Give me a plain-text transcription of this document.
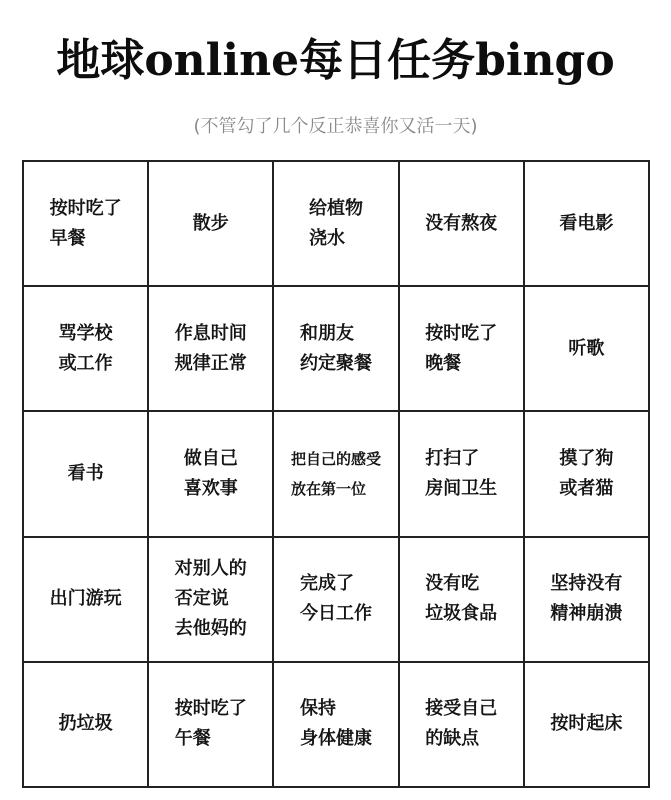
地球online每日任务bingo
(不管勾了几个反正恭喜你又活一天)
按时吃了
早餐
散步
给植物
浇水
没有熬夜	看电影
骂学校
或工作
作息时间
规律正常
和朋友
约定聚餐
按时吃了
晚餐
听歌
看书
做自己
喜欢事
把自己的感受
放在第一位
打扫了
房间卫生
摸了狗
或者猫
出门游玩
对别人的
否定说
去他妈的
完成了
今日工作
没有吃
垃圾食品
坚持没有
精神崩溃
扔垃圾
按时吃了
午餐
保持
身体健康
接受自己
的缺点
按时起床
